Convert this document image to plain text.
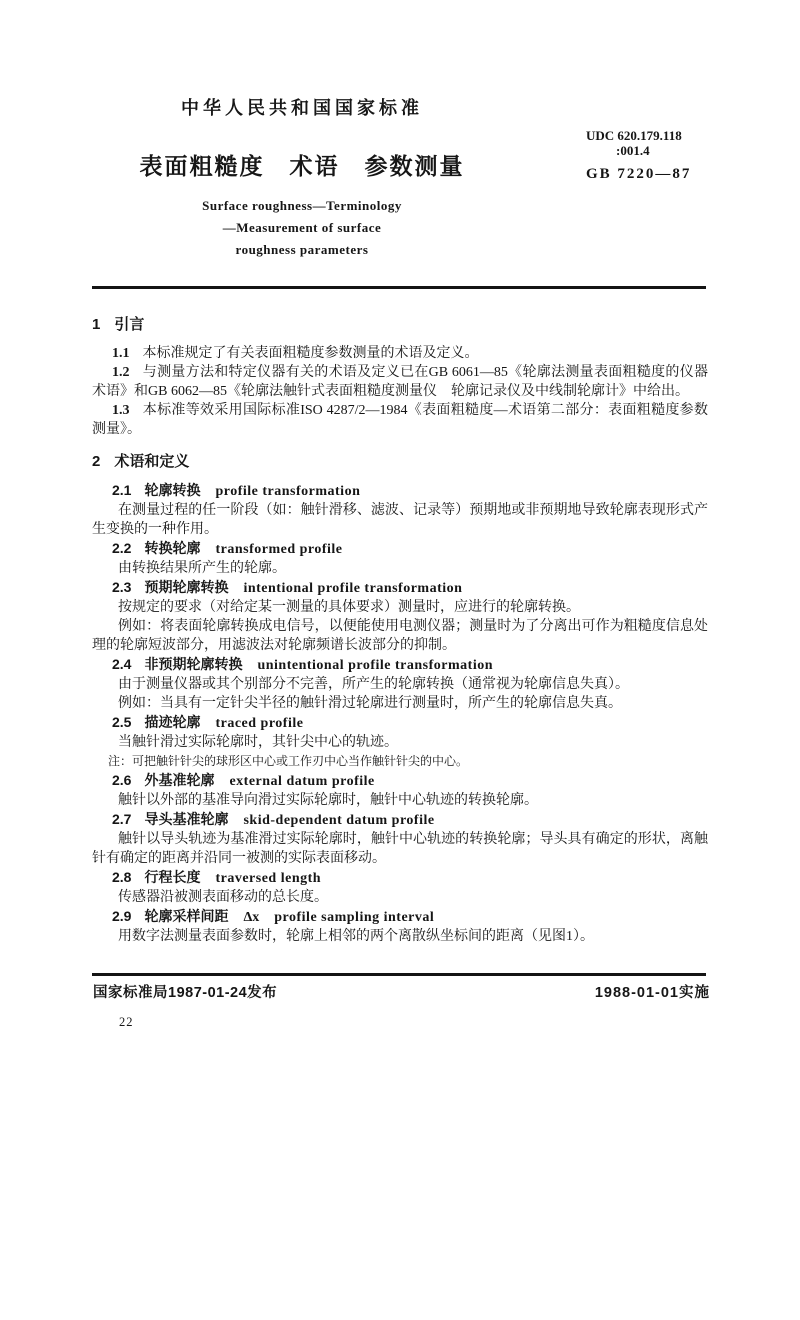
中华人民共和国国家标准
表面粗糙度　术语　参数测量
Surface roughness—Terminology
—Measurement of surface
roughness parameters
UDC 620.179.118
:001.4
GB 7220—87
1 引言

1.1 本标准规定了有关表面粗糙度参数测量的术语及定义。

1.2 与测量方法和特定仪器有关的术语及定义已在GB 6061—85《轮廓法测量表面粗糙度的仪器术语》和GB 6062—85《轮廓法触针式表面粗糙度测量仪　轮廓记录仪及中线制轮廓计》中给出。

1.3 本标准等效采用国际标准ISO 4287/2—1984《表面粗糙度—术语第二部分：表面粗糙度参数测量》。

2 术语和定义

2.1 轮廓转换 profile transformation

在测量过程的任一阶段（如：触针滑移、滤波、记录等）预期地或非预期地导致轮廓表现形式产生变换的一种作用。

2.2 转换轮廓 transformed profile

由转换结果所产生的轮廓。

2.3 预期轮廓转换 intentional profile transformation

按规定的要求（对给定某一测量的具体要求）测量时，应进行的轮廓转换。

例如：将表面轮廓转换成电信号，以便能使用电测仪器；测量时为了分离出可作为粗糙度信息处理的轮廓短波部分，用滤波法对轮廓频谱长波部分的抑制。

2.4 非预期轮廓转换 unintentional profile transformation

由于测量仪器或其个别部分不完善，所产生的轮廓转换（通常视为轮廓信息失真）。

例如：当具有一定针尖半径的触针滑过轮廓进行测量时，所产生的轮廓信息失真。

2.5 描迹轮廓 traced profile

当触针滑过实际轮廓时，其针尖中心的轨迹。

注：可把触针针尖的球形区中心或工作刃中心当作触针针尖的中心。

2.6 外基准轮廓 external datum profile

触针以外部的基准导向滑过实际轮廓时，触针中心轨迹的转换轮廓。

2.7 导头基准轮廓 skid-dependent datum profile

触针以导头轨迹为基准滑过实际轮廓时，触针中心轨迹的转换轮廓；导头具有确定的形状，离触针有确定的距离并沿同一被测的实际表面移动。

2.8 行程长度 traversed length

传感器沿被测表面移动的总长度。

2.9 轮廓采样间距 Δx profile sampling interval

用数字法测量表面参数时，轮廓上相邻的两个离散纵坐标间的距离（见图1）。

国家标准局1987-01-24发布	1988-01-01实施
22
